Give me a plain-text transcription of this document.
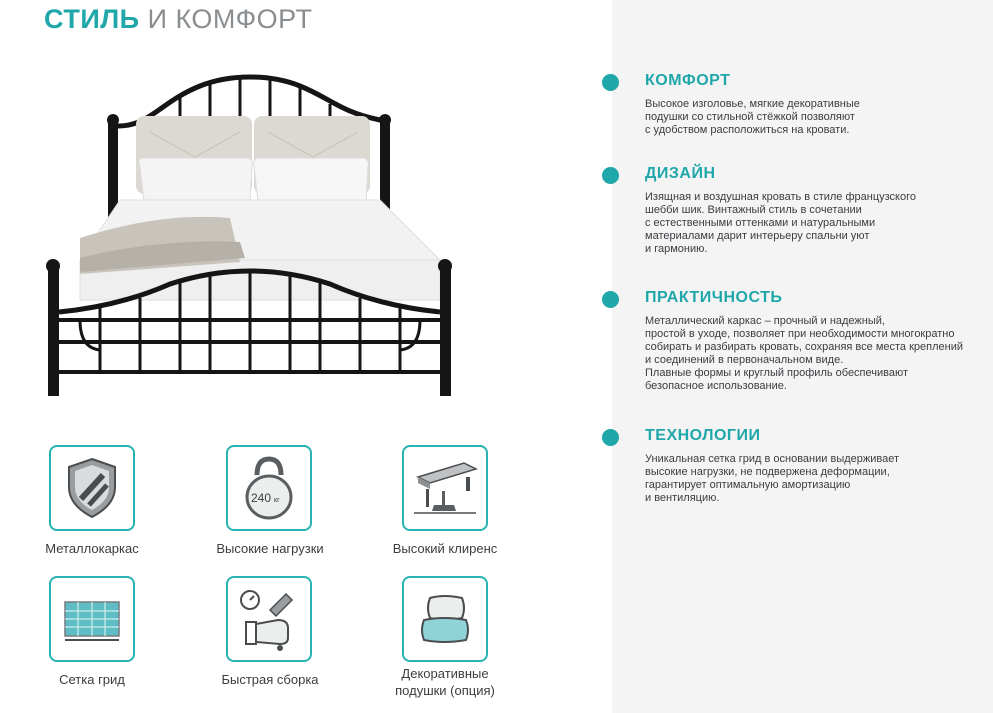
СТИЛЬ И КОМФОРТ
КОМФОРТ
Высокое изголовье, мягкие декоративные
подушки со стильной стёжкой позволяют
с удобством расположиться на кровати.
ДИЗАЙН
Изящная и воздушная кровать в стиле французского
шебби шик. Винтажный стиль в сочетании
с естественными оттенками и натуральными
материалами дарит интерьеру спальни уют
и гармонию.
ПРАКТИЧНОСТЬ
Металлический каркас – прочный и надежный,
простой в уходе, позволяет при необходимости многократно
собирать и разбирать кровать, сохраняя все места креплений
и соединений в первоначальном виде.
Плавные формы и круглый профиль обеспечивают
безопасное использование.
ТЕХНОЛОГИИ
Уникальная сетка грид в основании выдерживает
высокие нагрузки, не подвержена деформации,
гарантирует оптимальную амортизацию
и вентиляцию.
Металлокаркас
240 кг
Высокие нагрузки	Высокий клиренс
Сетка грид	Быстрая сборка	Декоративные
подушки (опция)
